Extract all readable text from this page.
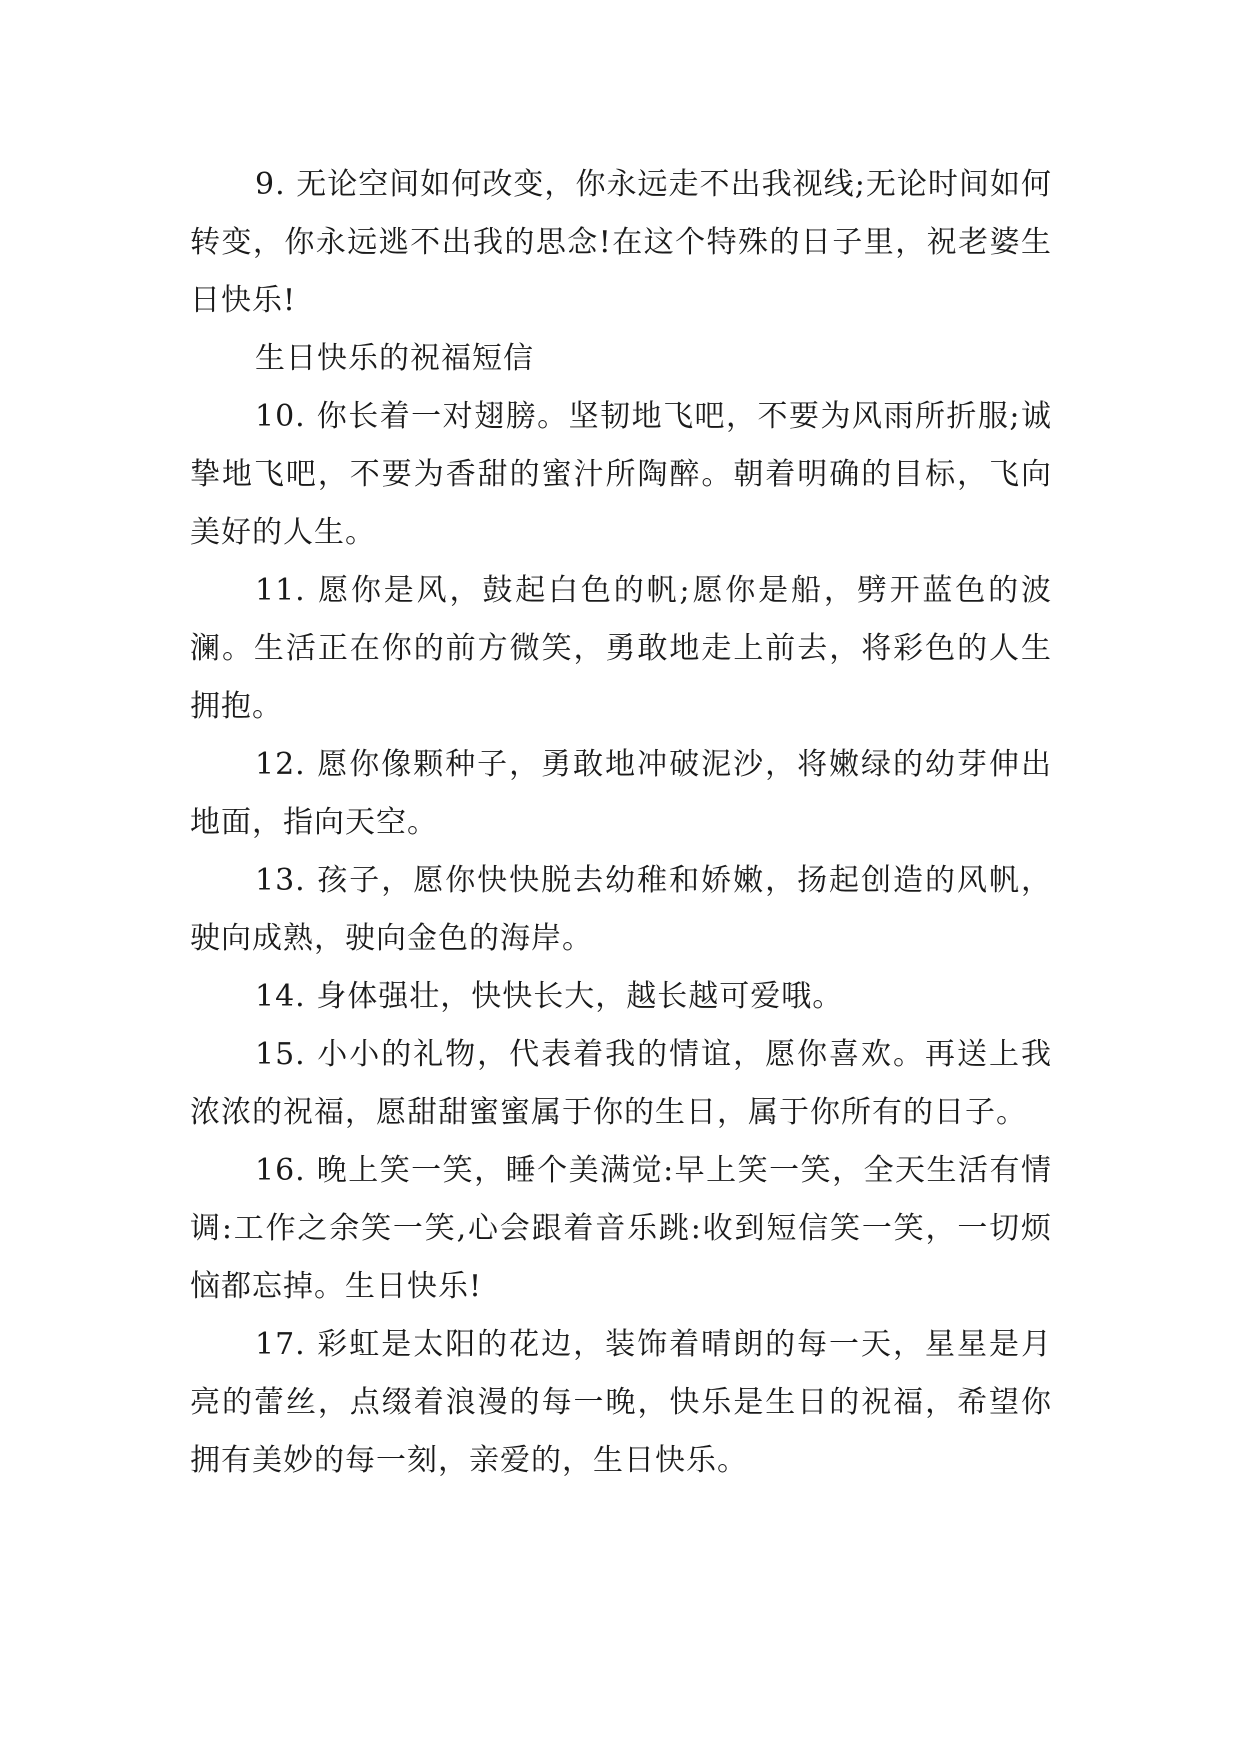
9. 无论空间如何改变，你永远走不出我视线;无论时间如何转变，你永远逃不出我的思念!在这个特殊的日子里，祝老婆生日快乐!

生日快乐的祝福短信

10. 你长着一对翅膀。坚韧地飞吧，不要为风雨所折服;诚挚地飞吧，不要为香甜的蜜汁所陶醉。朝着明确的目标，飞向美好的人生。

11. 愿你是风，鼓起白色的帆;愿你是船，劈开蓝色的波澜。生活正在你的前方微笑，勇敢地走上前去，将彩色的人生拥抱。

12. 愿你像颗种子，勇敢地冲破泥沙，将嫩绿的幼芽伸出地面，指向天空。

13. 孩子，愿你快快脱去幼稚和娇嫩，扬起创造的风帆，驶向成熟，驶向金色的海岸。

14. 身体强壮，快快长大，越长越可爱哦。

15. 小小的礼物，代表着我的情谊，愿你喜欢。再送上我浓浓的祝福，愿甜甜蜜蜜属于你的生日，属于你所有的日子。

16. 晚上笑一笑，睡个美满觉:早上笑一笑，全天生活有情调:工作之余笑一笑,心会跟着音乐跳:收到短信笑一笑，一切烦恼都忘掉。生日快乐!

17. 彩虹是太阳的花边，装饰着晴朗的每一天，星星是月亮的蕾丝，点缀着浪漫的每一晚，快乐是生日的祝福，希望你拥有美妙的每一刻，亲爱的，生日快乐。
